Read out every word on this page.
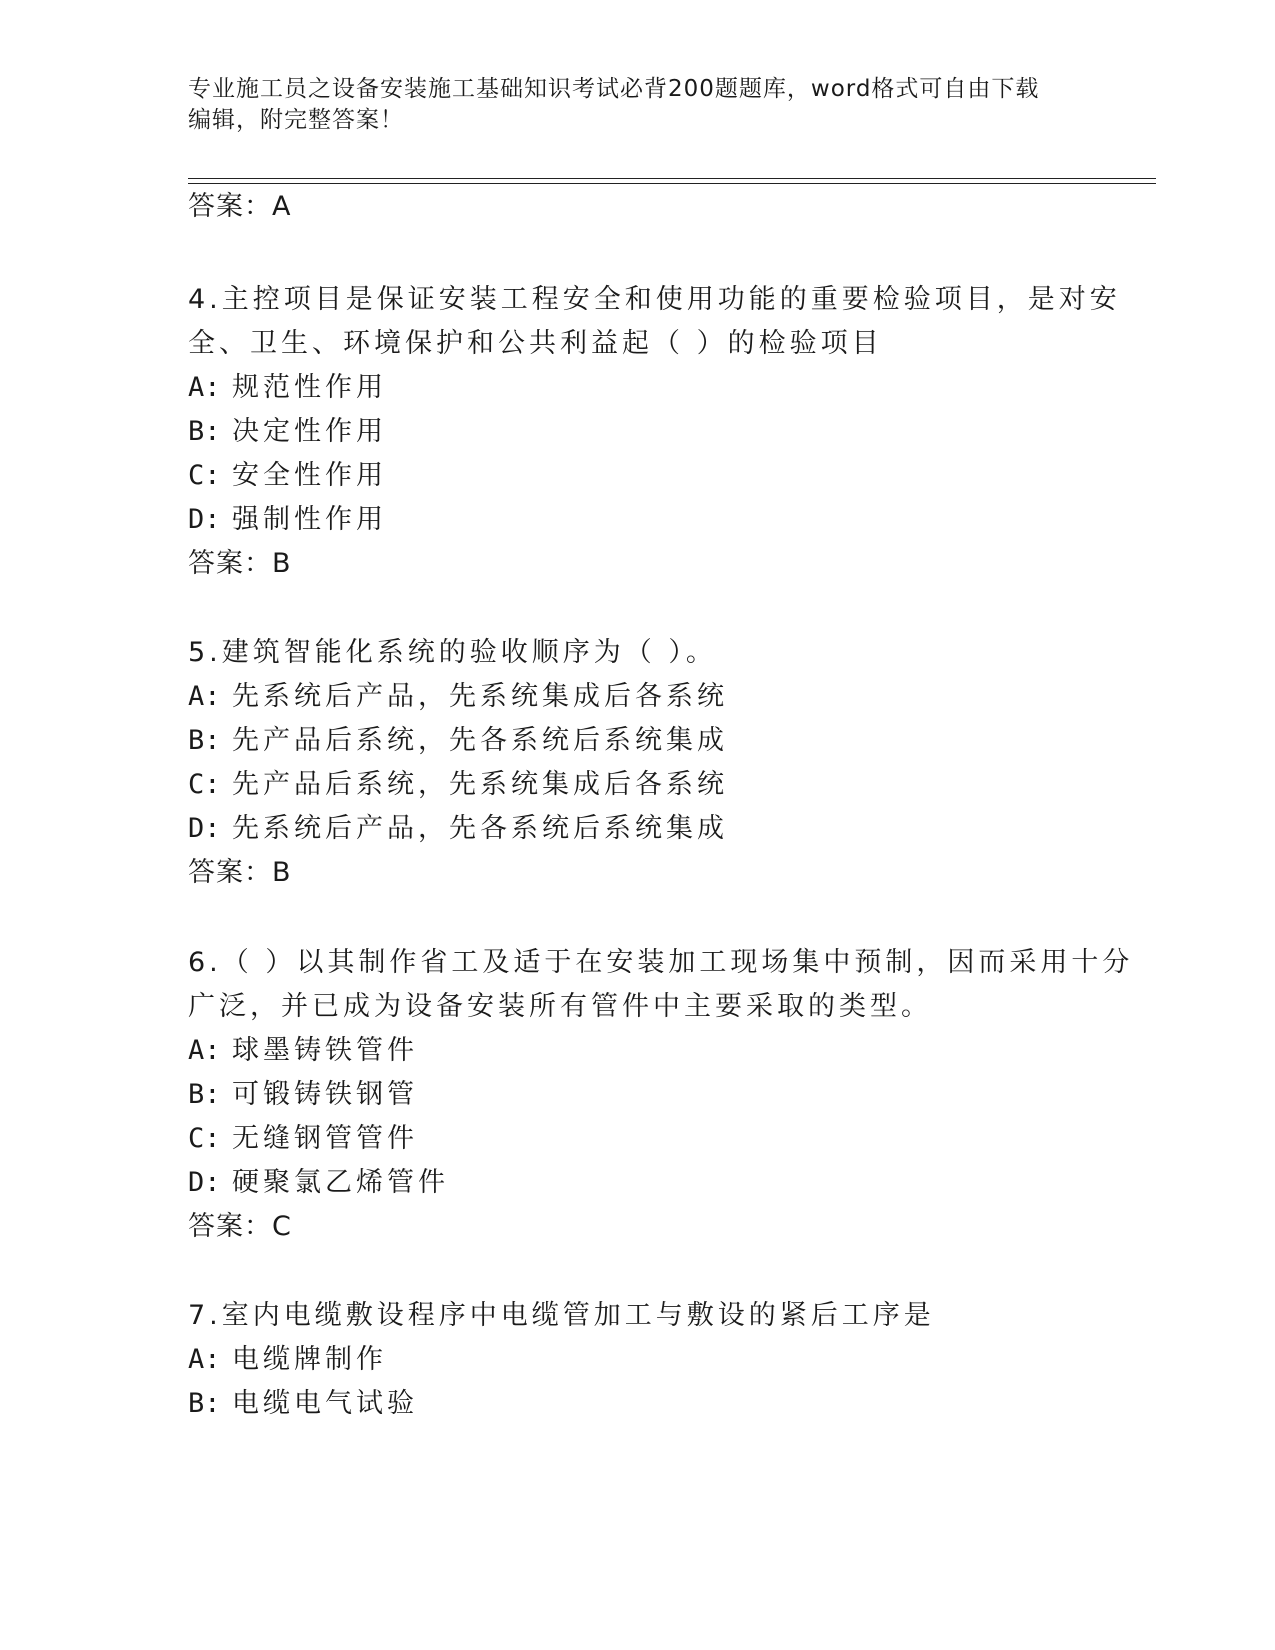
专业施工员之设备安装施工基础知识考试必背200题题库，word格式可自由下载
编辑，附完整答案！
答案：A
4.主控项目是保证安装工程安全和使用功能的重要检验项目，是对安
全、卫生、环境保护和公共利益起（ ）的检验项目
A: 规范性作用
B: 决定性作用
C: 安全性作用
D: 强制性作用
答案：B
5.建筑智能化系统的验收顺序为（ ）。
A: 先系统后产品，先系统集成后各系统
B: 先产品后系统，先各系统后系统集成
C: 先产品后系统，先系统集成后各系统
D: 先系统后产品，先各系统后系统集成
答案：B
6.（ ）以其制作省工及适于在安装加工现场集中预制，因而采用十分
广泛，并已成为设备安装所有管件中主要采取的类型。
A: 球墨铸铁管件
B: 可锻铸铁钢管
C: 无缝钢管管件
D: 硬聚氯乙烯管件
答案：C
7.室内电缆敷设程序中电缆管加工与敷设的紧后工序是
A: 电缆牌制作
B: 电缆电气试验
